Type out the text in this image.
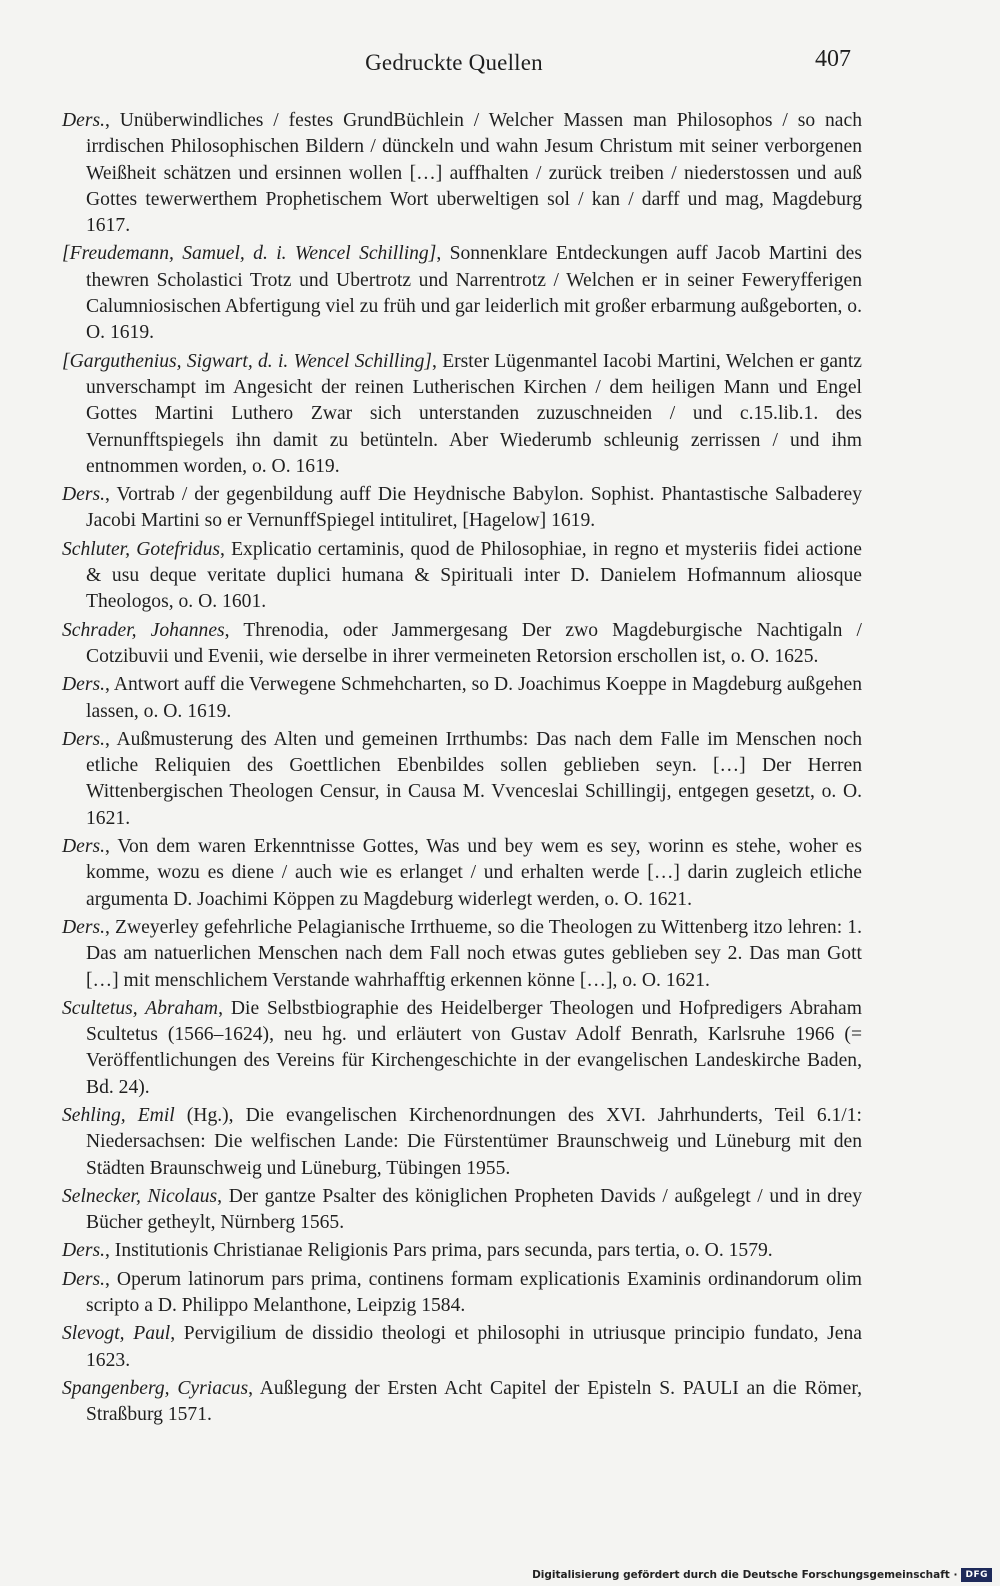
Gedruckte Quellen	407

Ders., Unüberwindliches / festes GrundBüchlein / Welcher Massen man Philosophos / so nach irrdischen Philosophischen Bildern / dünckeln und wahn Jesum Christum mit seiner verborgenen Weißheit schätzen und ersinnen wollen […] auffhalten / zurück treiben / niederstossen und auß Gottes tewerwerthem Prophetischem Wort uberweltigen sol / kan / darff und mag, Magdeburg 1617.

[Freudemann, Samuel, d. i. Wencel Schilling], Sonnenklare Entdeckungen auff Jacob Martini des thewren Scholastici Trotz und Ubertrotz und Narrentrotz / Welchen er in seiner Feweryfferigen Calumniosischen Abfertigung viel zu früh und gar leiderlich mit großer erbarmung außgeborten, o. O. 1619.

[Garguthenius, Sigwart, d. i. Wencel Schilling], Erster Lügenmantel Iacobi Martini, Welchen er gantz unverschampt im Angesicht der reinen Lutherischen Kirchen / dem heiligen Mann und Engel Gottes Martini Luthero Zwar sich unterstanden zuzuschneiden / und c.15.lib.1. des Vernunfftspiegels ihn damit zu betünteln. Aber Wiederumb schleunig zerrissen / und ihm entnommen worden, o. O. 1619.

Ders., Vortrab / der gegenbildung auff Die Heydnische Babylon. Sophist. Phantastische Salbaderey Jacobi Martini so er VernunffSpiegel intituliret, [Hagelow] 1619.

Schluter, Gotefridus, Explicatio certaminis, quod de Philosophiae, in regno et mysteriis fidei actione & usu deque veritate duplici humana & Spirituali inter D. Danielem Hofmannum aliosque Theologos, o. O. 1601.

Schrader, Johannes, Threnodia, oder Jammergesang Der zwo Magdeburgische Nachtigaln / Cotzibuvii und Evenii, wie derselbe in ihrer vermeineten Retorsion erschollen ist, o. O. 1625.

Ders., Antwort auff die Verwegene Schmehcharten, so D. Joachimus Koeppe in Magdeburg außgehen lassen, o. O. 1619.

Ders., Außmusterung des Alten und gemeinen Irrthumbs: Das nach dem Falle im Menschen noch etliche Reliquien des Goettlichen Ebenbildes sollen geblieben seyn. […] Der Herren Wittenbergischen Theologen Censur, in Causa M. Vvenceslai Schillingij, entgegen gesetzt, o. O. 1621.

Ders., Von dem waren Erkenntnisse Gottes, Was und bey wem es sey, worinn es stehe, woher es komme, wozu es diene / auch wie es erlanget / und erhalten werde […] darin zugleich etliche argumenta D. Joachimi Köppen zu Magdeburg widerlegt werden, o. O. 1621.

Ders., Zweyerley gefehrliche Pelagianische Irrthueme, so die Theologen zu Wittenberg itzo lehren: 1. Das am natuerlichen Menschen nach dem Fall noch etwas gutes geblieben sey 2. Das man Gott […] mit menschlichem Verstande wahrhafftig erkennen könne […], o. O. 1621.

Scultetus, Abraham, Die Selbstbiographie des Heidelberger Theologen und Hofpredigers Abraham Scultetus (1566–1624), neu hg. und erläutert von Gustav Adolf Benrath, Karlsruhe 1966 (= Veröffentlichungen des Vereins für Kirchengeschichte in der evangelischen Landeskirche Baden, Bd. 24).

Sehling, Emil (Hg.), Die evangelischen Kirchenordnungen des XVI. Jahrhunderts, Teil 6.1/1: Niedersachsen: Die welfischen Lande: Die Fürstentümer Braunschweig und Lüneburg mit den Städten Braunschweig und Lüneburg, Tübingen 1955.

Selnecker, Nicolaus, Der gantze Psalter des königlichen Propheten Davids / außgelegt / und in drey Bücher getheylt, Nürnberg 1565.

Ders., Institutionis Christianae Religionis Pars prima, pars secunda, pars tertia, o. O. 1579.

Ders., Operum latinorum pars prima, continens formam explicationis Examinis ordinandorum olim scripto a D. Philippo Melanthone, Leipzig 1584.

Slevogt, Paul, Pervigilium de dissidio theologi et philosophi in utriusque principio fundato, Jena 1623.

Spangenberg, Cyriacus, Außlegung der Ersten Acht Capitel der Episteln S. PAULI an die Römer, Straßburg 1571.

Digitalisierung gefördert durch die Deutsche Forschungsgemeinschaft · DFG
